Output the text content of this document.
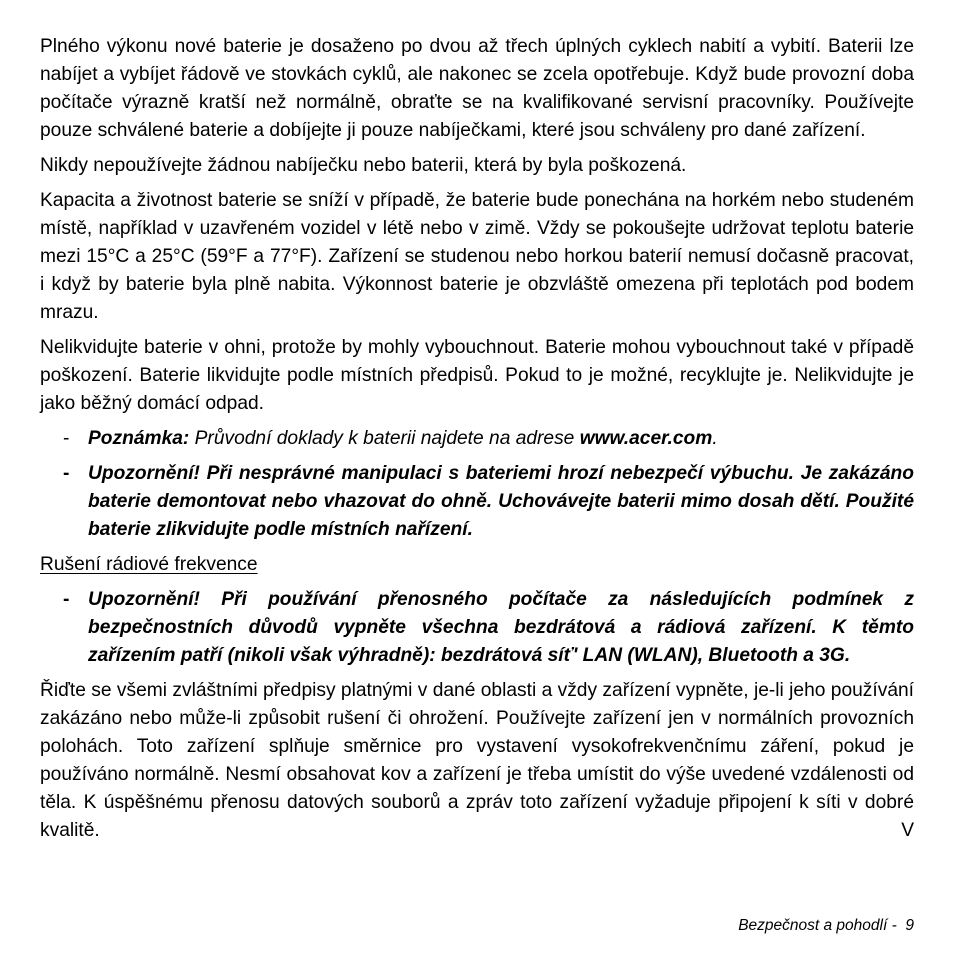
Plného výkonu nové baterie je dosaženo po dvou až třech úplných cyklech nabití a vybití. Baterii lze nabíjet a vybíjet řádově ve stovkách cyklů, ale nakonec se zcela opotřebuje. Když bude provozní doba počítače výrazně kratší než normálně, obraťte se na kvalifikované servisní pracovníky. Používejte pouze schválené baterie a dobíjejte ji pouze nabíječkami, které jsou schváleny pro dané zařízení.

Nikdy nepoužívejte žádnou nabíječku nebo baterii, která by byla poškozená.

Kapacita a životnost baterie se sníží v případě, že baterie bude ponechána na horkém nebo studeném místě, například v uzavřeném vozidel v létě nebo v zimě. Vždy se pokoušejte udržovat teplotu baterie mezi 15°C a 25°C (59°F a 77°F). Zařízení se studenou nebo horkou baterií nemusí dočasně pracovat, i když by baterie byla plně nabita. Výkonnost baterie je obzvláště omezena při teplotách pod bodem mrazu.

Nelikvidujte baterie v ohni, protože by mohly vybouchnout. Baterie mohou vybouchnout také v případě poškození. Baterie likvidujte podle místních předpisů. Pokud to je možné, recyklujte je. Nelikvidujte je jako běžný domácí odpad.

- Poznámka: Průvodní doklady k baterii najdete na adrese www.acer.com.
- Upozornění! Při nesprávné manipulaci s bateriemi hrozí nebezpečí výbuchu. Je zakázáno baterie demontovat nebo vhazovat do ohně. Uchovávejte baterii mimo dosah dětí. Použité baterie zlikvidujte podle místních nařízení.
Rušení rádiové frekvence
- Upozornění! Při používání přenosného počítače za následujících podmínek z bezpečnostních důvodů vypněte všechna bezdrátová a rádiová zařízení. K těmto zařízením patří (nikoli však výhradně): bezdrátová síť' LAN (WLAN), Bluetooth a 3G.

Řiďte se všemi zvláštními předpisy platnými v dané oblasti a vždy zařízení vypněte, je-li jeho používání zakázáno nebo může-li způsobit rušení či ohrožení. Používejte zařízení jen v normálních provozních polohách. Toto zařízení splňuje směrnice pro vystavení vysokofrekvenčnímu záření, pokud je používáno normálně. Nesmí obsahovat kov a zařízení je třeba umístit do výše uvedené vzdálenosti od těla. K úspěšnému přenosu datových souborů a zpráv toto zařízení vyžaduje připojení k síti v dobré kvalitě. V

Bezpečnost a pohodlí -  9
